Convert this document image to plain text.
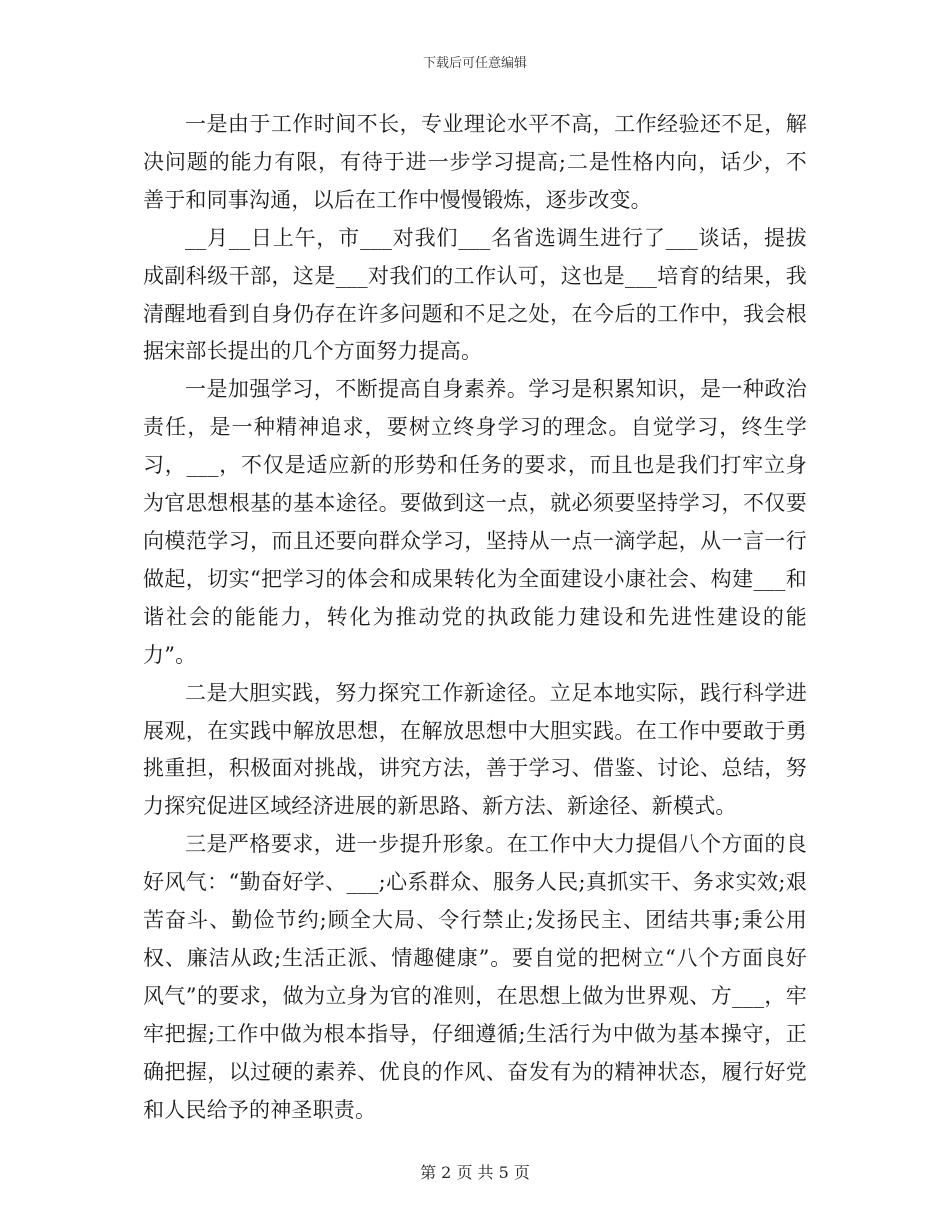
下载后可任意编辑

一是由于工作时间不长，专业理论水平不高，工作经验还不足，解决问题的能力有限，有待于进一步学习提高;二是性格内向，话少，不善于和同事沟通，以后在工作中慢慢锻炼，逐步改变。

__月__日上午，市___对我们___名省选调生进行了___谈话，提拔成副科级干部，这是___对我们的工作认可，这也是___培育的结果，我清醒地看到自身仍存在许多问题和不足之处，在今后的工作中，我会根据宋部长提出的几个方面努力提高。

一是加强学习，不断提高自身素养。学习是积累知识，是一种政治责任，是一种精神追求，要树立终身学习的理念。自觉学习，终生学习，___，不仅是适应新的形势和任务的要求，而且也是我们打牢立身为官思想根基的基本途径。要做到这一点，就必须要坚持学习，不仅要向模范学习，而且还要向群众学习，坚持从一点一滴学起，从一言一行做起，切实“把学习的体会和成果转化为全面建设小康社会、构建___和谐社会的能能力，转化为推动党的执政能力建设和先进性建设的能力”。

二是大胆实践，努力探究工作新途径。立足本地实际，践行科学进展观，在实践中解放思想，在解放思想中大胆实践。在工作中要敢于勇挑重担，积极面对挑战，讲究方法，善于学习、借鉴、讨论、总结，努力探究促进区域经济进展的新思路、新方法、新途径、新模式。

三是严格要求，进一步提升形象。在工作中大力提倡八个方面的良好风气：“勤奋好学、___;心系群众、服务人民;真抓实干、务求实效;艰苦奋斗、勤俭节约;顾全大局、令行禁止;发扬民主、团结共事;秉公用权、廉洁从政;生活正派、情趣健康”。要自觉的把树立“八个方面良好风气”的要求，做为立身为官的准则，在思想上做为世界观、方___，牢牢把握;工作中做为根本指导，仔细遵循;生活行为中做为基本操守，正确把握，以过硬的素养、优良的作风、奋发有为的精神状态，履行好党和人民给予的神圣职责。

第 2 页 共 5 页
